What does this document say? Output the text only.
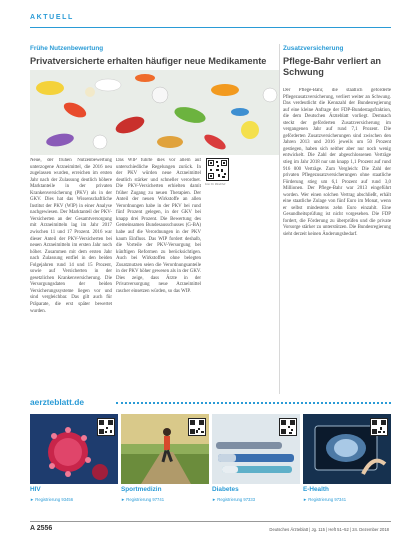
AKTUELL
Frühe Nutzenbewertung
Privatversicherte erhalten häufiger neue Medikamente
Neue, der frühen Nutzenbewertung unterzogene Arzneimittel, die 2016 neu zugelassen wurden, erreichen im ersten Jahr nach der Zulassung deutlich höhere Marktanteile in der privaten Krankenversicherung (PKV) als in der GKV. Dies hat das Wissenschaftliche Institut der PKV (WIP) in einer Analyse nachgewiesen. Der Marktanteil der PKV-Versicherten an der Gesamtversorgung mit Arzneimitteln lag im Jahr 2017 zwischen 11 und 17 Prozent. 2016 war dieser Anteil der PKV-Versicherten bei neuen Arzneimitteln im ersten Jahr noch höher. Zusammen mit dem ersten Jahr nach Zulassung entfiel in den beiden Folgejahren rund 14 und 15 Prozent, sowie auf Versicherten in der gesetzlichen Krankenversicherung. Die Versorgungsdaten der beiden Versicherungssysteme liegen vor und sind vergleichbar. Das gilt auch für Präparate, die erst später bewertet wurden.
Das WIP führte dies vor allem auf unterschiedliche Regelungen zurück. In der PKV würden neue Arzneimittel deutlich stärker und schneller verordnet. Die PKV-Versicherten erhielten damit früher Zugang zu neuen Therapien. Der Anteil der neuen Wirkstoffe an allen Verordnungen habe in der PKV bei rund fünf Prozent gelegen, in der GKV bei knapp drei Prozent. Die Bewertung des Gemeinsamen Bundesausschusses (G-BA) habe auf die Verordnungen in der PKV kaum Einfluss. Das WIP fordert deshalb, die Vorteile der PKV-Versorgung bei künftigen Reformen zu berücksichtigen. Auch bei Wirkstoffen ohne belegten Zusatznutzen seien die Verordnungsanteile in der PKV höher gewesen als in der GKV. Dies zeige, dass Ärzte in der Privatversorgung neue Arzneimittel rascher einsetzen würden, so das WIP.
Foto: Dr. Mönchhof
Zusatzversicherung
Pflege-Bahr verliert an Schwung
Der Pflege-Bahr, die staatlich geförderte Pflegezusatzversicherung, verliert weiter an Schwung. Das verdeutlicht die Kennzahl der Bundesregierung auf eine kleine Anfrage der FDP-Bundestagsfraktion, die dem Deutschen Ärzteblatt vorliegt. Demnach steckt der geförderten Zusatzversicherung im vergangenen Jahr auf rund 7,1 Prozent. Die geförderten Zusatzversicherungen sind zwischen den Jahren 2013 und 2016 jeweils um 50 Prozent gestiegen, haben sich seither aber nur noch wenig entwickelt. Die Zahl der abgeschlossenen Verträge stieg im Jahr 2018 nur um knapp 1,1 Prozent auf rund 916 000 Verträge. Zum Vergleich: Die Zahl der privaten Pflegezusatzversicherungen ohne staatliche Förderung stieg um 6,1 Prozent auf rund 3,0 Millionen. Der Pflege-Bahr war 2013 eingeführt worden. Wer einen solchen Vertrag abschließt, erhält eine staatliche Zulage von fünf Euro im Monat, wenn er selbst mindestens zehn Euro einzahlt. Eine Gesundheitsprüfung ist nicht vorgesehen. Die FDP fordert, die Förderung zu überprüfen und die private Vorsorge stärker zu unterstützen. Die Bundesregierung sieht derzeit keinen Änderungsbedarf.
aerzteblatt.de
HIV
► Registrierung 93456
Sportmedizin
► Registrierung 97741
Diabetes
► Registrierung 97333
E-Health
► Registrierung 97341
A 2556	Deutsches Ärzteblatt | Jg. 115 | Heft 51–52 | 24. Dezember 2018
